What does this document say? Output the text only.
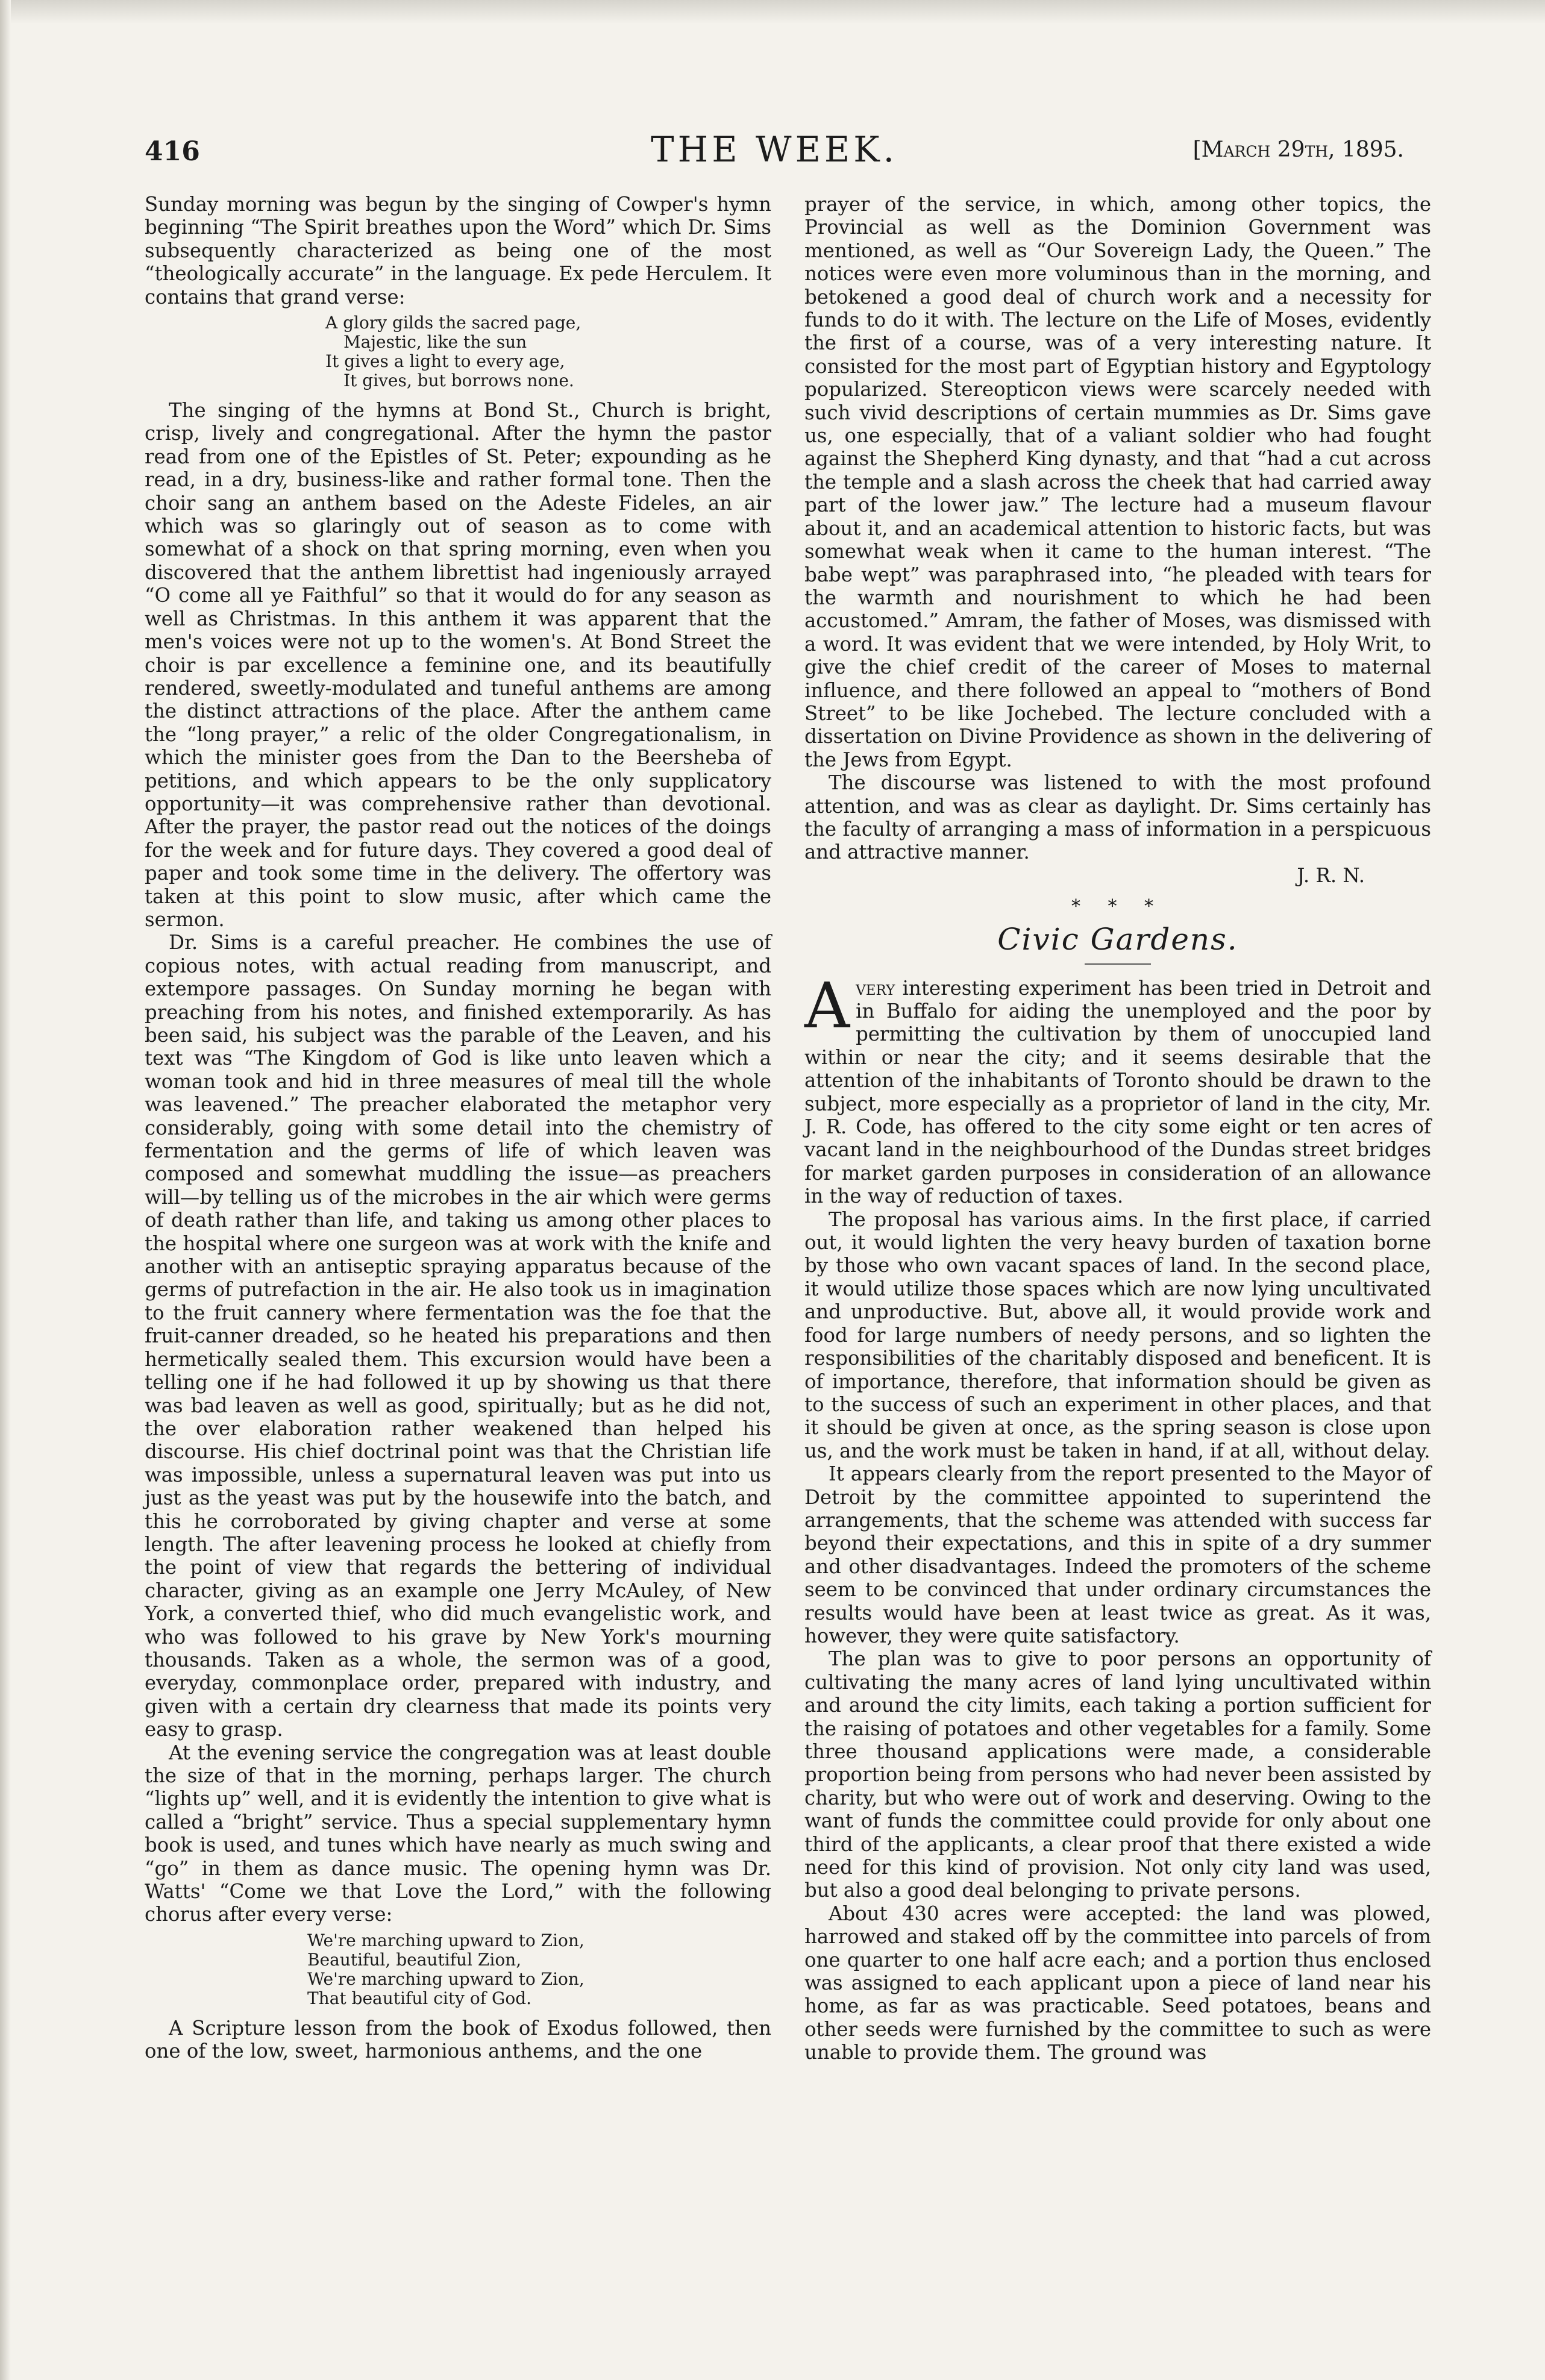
416	THE WEEK.	[March 29th, 1895.

Sunday morning was begun by the singing of Cowper's hymn beginning “The Spirit breathes upon the Word” which Dr. Sims subsequently characterized as being one of the most “theologically accurate” in the language. Ex pede Herculem. It contains that grand verse:

A glory gilds the sacred page,
Majestic, like the sun
It gives a light to every age,
It gives, but borrows none.

The singing of the hymns at Bond St., Church is bright, crisp, lively and congregational. After the hymn the pastor read from one of the Epistles of St. Peter; expounding as he read, in a dry, business-like and rather formal tone. Then the choir sang an anthem based on the Adeste Fideles, an air which was so glaringly out of season as to come with somewhat of a shock on that spring morning, even when you discovered that the anthem librettist had ingeniously arrayed “O come all ye Faithful” so that it would do for any season as well as Christmas. In this anthem it was apparent that the men's voices were not up to the women's. At Bond Street the choir is par excellence a feminine one, and its beautifully rendered, sweetly-modulated and tuneful anthems are among the distinct attractions of the place. After the anthem came the “long prayer,” a relic of the older Congregationalism, in which the minister goes from the Dan to the Beersheba of petitions, and which appears to be the only supplicatory opportunity—it was comprehensive rather than devotional. After the prayer, the pastor read out the notices of the doings for the week and for future days. They covered a good deal of paper and took some time in the delivery. The offertory was taken at this point to slow music, after which came the sermon.

Dr. Sims is a careful preacher. He combines the use of copious notes, with actual reading from manuscript, and extempore passages. On Sunday morning he began with preaching from his notes, and finished extemporarily. As has been said, his subject was the parable of the Leaven, and his text was “The Kingdom of God is like unto leaven which a woman took and hid in three measures of meal till the whole was leavened.” The preacher elaborated the metaphor very considerably, going with some detail into the chemistry of fermentation and the germs of life of which leaven was composed and somewhat muddling the issue—as preachers will—by telling us of the microbes in the air which were germs of death rather than life, and taking us among other places to the hospital where one surgeon was at work with the knife and another with an antiseptic spraying apparatus because of the germs of putrefaction in the air. He also took us in imagination to the fruit cannery where fermentation was the foe that the fruit-canner dreaded, so he heated his preparations and then hermetically sealed them. This excursion would have been a telling one if he had followed it up by showing us that there was bad leaven as well as good, spiritually; but as he did not, the over elaboration rather weakened than helped his discourse. His chief doctrinal point was that the Christian life was impossible, unless a supernatural leaven was put into us just as the yeast was put by the housewife into the batch, and this he corroborated by giving chapter and verse at some length. The after leavening process he looked at chiefly from the point of view that regards the bettering of individual character, giving as an example one Jerry McAuley, of New York, a converted thief, who did much evangelistic work, and who was followed to his grave by New York's mourning thousands. Taken as a whole, the sermon was of a good, everyday, commonplace order, prepared with industry, and given with a certain dry clearness that made its points very easy to grasp.

At the evening service the congregation was at least double the size of that in the morning, perhaps larger. The church “lights up” well, and it is evidently the intention to give what is called a “bright” service. Thus a special supplementary hymn book is used, and tunes which have nearly as much swing and “go” in them as dance music. The opening hymn was Dr. Watts' “Come we that Love the Lord,” with the following chorus after every verse:

We're marching upward to Zion,
Beautiful, beautiful Zion,
We're marching upward to Zion,
That beautiful city of God.

A Scripture lesson from the book of Exodus followed, then one of the low, sweet, harmonious anthems, and the one

prayer of the service, in which, among other topics, the Provincial as well as the Dominion Government was mentioned, as well as “Our Sovereign Lady, the Queen.” The notices were even more voluminous than in the morning, and betokened a good deal of church work and a necessity for funds to do it with. The lecture on the Life of Moses, evidently the first of a course, was of a very interesting nature. It consisted for the most part of Egyptian history and Egyptology popularized. Stereopticon views were scarcely needed with such vivid descriptions of certain mummies as Dr. Sims gave us, one especially, that of a valiant soldier who had fought against the Shepherd King dynasty, and that “had a cut across the temple and a slash across the cheek that had carried away part of the lower jaw.” The lecture had a museum flavour about it, and an academical attention to historic facts, but was somewhat weak when it came to the human interest. “The babe wept” was paraphrased into, “he pleaded with tears for the warmth and nourishment to which he had been accustomed.” Amram, the father of Moses, was dismissed with a word. It was evident that we were intended, by Holy Writ, to give the chief credit of the career of Moses to maternal influence, and there followed an appeal to “mothers of Bond Street” to be like Jochebed. The lecture concluded with a dissertation on Divine Providence as shown in the delivering of the Jews from Egypt.

The discourse was listened to with the most profound attention, and was as clear as daylight. Dr. Sims certainly has the faculty of arranging a mass of information in a perspicuous and attractive manner.

J. R. N.
* * *
Civic Gardens.

Avery interesting experiment has been tried in Detroit and in Buffalo for aiding the unemployed and the poor by permitting the cultivation by them of unoccupied land within or near the city; and it seems desirable that the attention of the inhabitants of Toronto should be drawn to the subject, more especially as a proprietor of land in the city, Mr. J. R. Code, has offered to the city some eight or ten acres of vacant land in the neighbourhood of the Dundas street bridges for market garden purposes in consideration of an allowance in the way of reduction of taxes.

The proposal has various aims. In the first place, if carried out, it would lighten the very heavy burden of taxation borne by those who own vacant spaces of land. In the second place, it would utilize those spaces which are now lying uncultivated and unproductive. But, above all, it would provide work and food for large numbers of needy persons, and so lighten the responsibilities of the charitably disposed and beneficent. It is of importance, therefore, that information should be given as to the success of such an experiment in other places, and that it should be given at once, as the spring season is close upon us, and the work must be taken in hand, if at all, without delay.

It appears clearly from the report presented to the Mayor of Detroit by the committee appointed to superintend the arrangements, that the scheme was attended with success far beyond their expectations, and this in spite of a dry summer and other disadvantages. Indeed the promoters of the scheme seem to be convinced that under ordinary circumstances the results would have been at least twice as great. As it was, however, they were quite satisfactory.

The plan was to give to poor persons an opportunity of cultivating the many acres of land lying uncultivated within and around the city limits, each taking a portion sufficient for the raising of potatoes and other vegetables for a family. Some three thousand applications were made, a considerable proportion being from persons who had never been assisted by charity, but who were out of work and deserving. Owing to the want of funds the committee could provide for only about one third of the applicants, a clear proof that there existed a wide need for this kind of provision. Not only city land was used, but also a good deal belonging to private persons.

About 430 acres were accepted: the land was plowed, harrowed and staked off by the committee into parcels of from one quarter to one half acre each; and a portion thus enclosed was assigned to each applicant upon a piece of land near his home, as far as was practicable. Seed potatoes, beans and other seeds were furnished by the committee to such as were unable to provide them. The ground was
